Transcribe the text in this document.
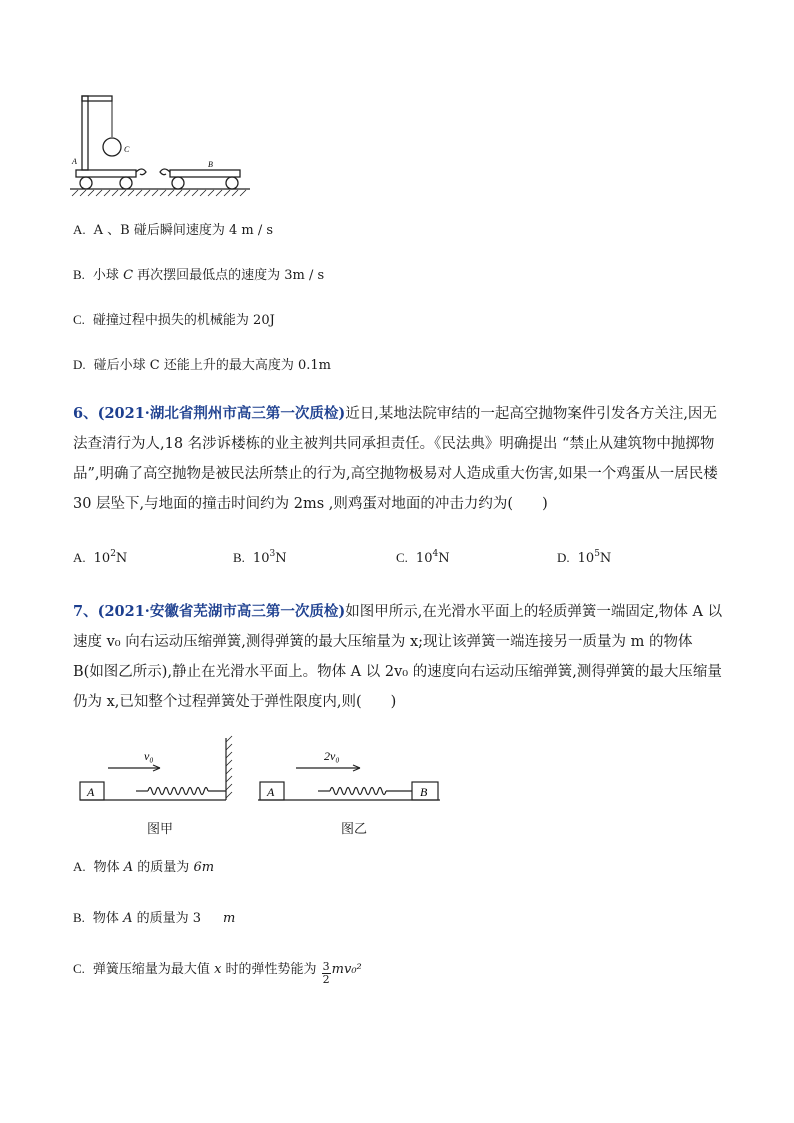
A	B
C
A. A 、B 碰后瞬间速度为 4 m / s
B. 小球 C 再次摆回最低点的速度为 3m / s
C. 碰撞过程中损失的机械能为 20J
D. 碰后小球 C 还能上升的最大高度为 0.1m
6、(2021·湖北省荆州市高三第一次质检)近日,某地法院审结的一起高空抛物案件引发各方关注,因无法查清行为人,18 名涉诉楼栋的业主被判共同承担责任。《民法典》明确提出 “禁止从建筑物中抛掷物品”,明确了高空抛物是被民法所禁止的行为,高空抛物极易对人造成重大伤害,如果一个鸡蛋从一居民楼 30 层坠下,与地面的撞击时间约为 2ms ,则鸡蛋对地面的冲击力约为(　　)
A. $10^2N$	B. $10^3N$	C. $10^4N$	D. $10^5N$
7、(2021·安徽省芜湖市高三第一次质检)如图甲所示,在光滑水平面上的轻质弹簧一端固定,物体 A 以速度 v₀ 向右运动压缩弹簧,测得弹簧的最大压缩量为 x;现让该弹簧一端连接另一质量为 m 的物体 B(如图乙所示),静止在光滑水平面上。物体 A 以 2v₀ 的速度向右运动压缩弹簧,测得弹簧的最大压缩量仍为 x,已知整个过程弹簧处于弹性限度内,则(　　)
v₀
A
图甲
2v₀
A	B
图乙
A. 物体 A 的质量为 6m
B. 物体 A 的质量为 3 m
C. 弹簧压缩量为最大值 x 时的弹性势能为 $\frac{3}{2} mv_0^2$
